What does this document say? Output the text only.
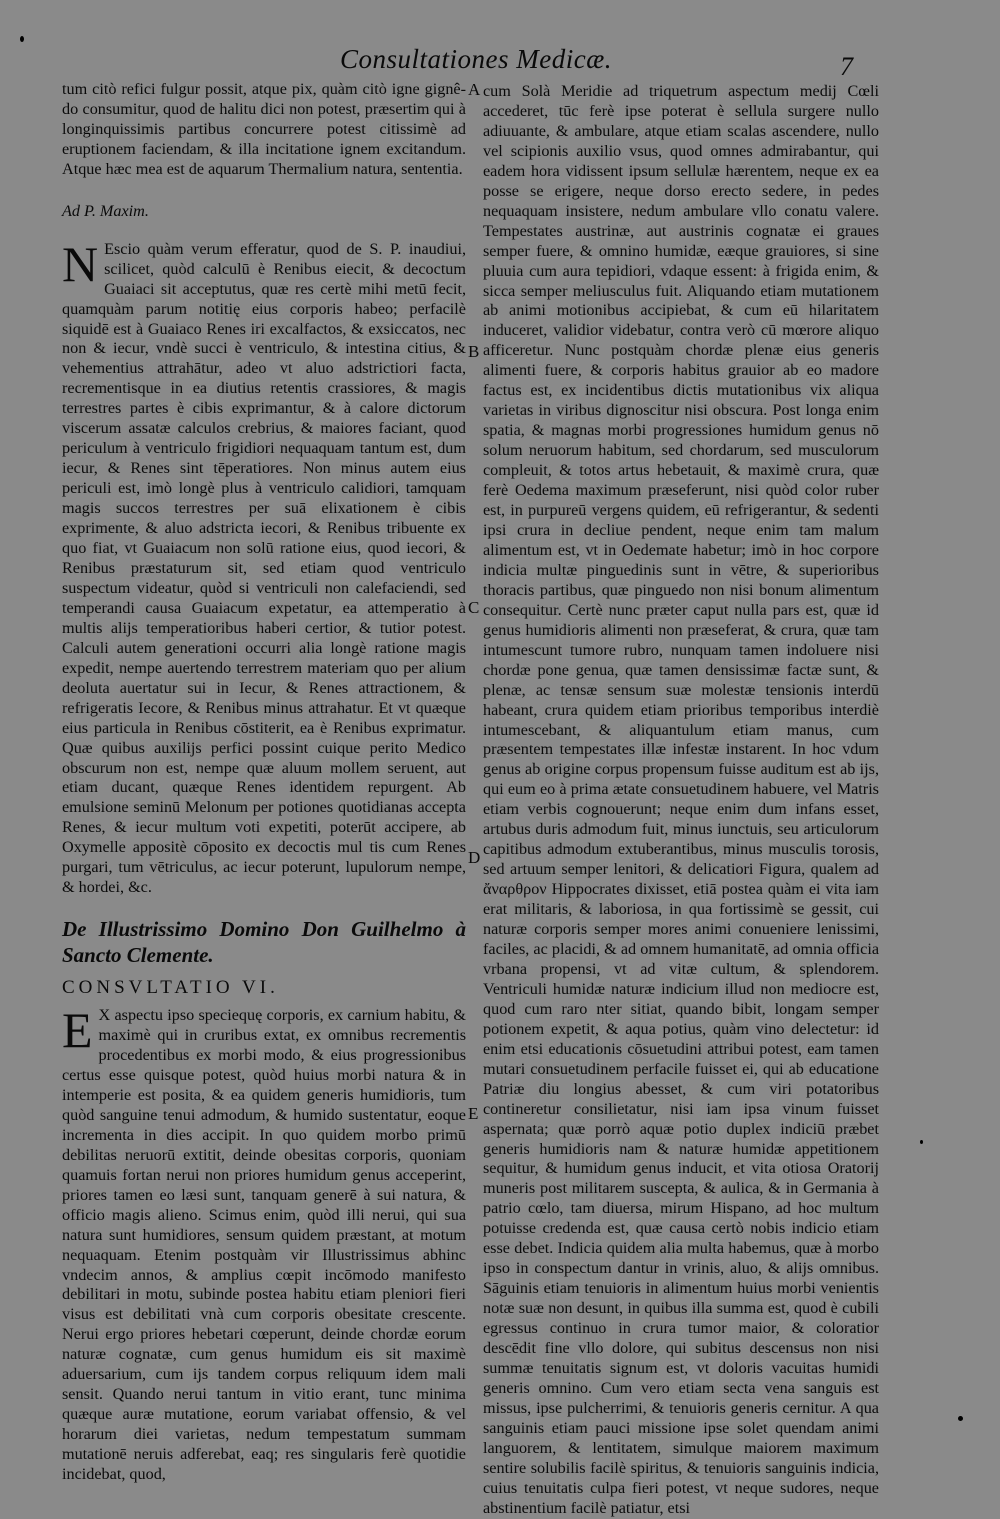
Consultationes Medicæ.	7
A
B
C
D
E

tum citò refici fulgur possit, atque pix, quàm citò igne gignê-do consumitur, quod de halitu dici non potest, præsertim qui à longinquissimis partibus concurrere potest citissimè ad eruptionem faciendam, & illa incitatione ignem excitandum. Atque hæc mea est de aquarum Thermalium natura, sententia.

Ad P. Maxim.

N Escio quàm verum efferatur, quod de S. P. inaudiui, scilicet, quòd calculū è Renibus eiecit, & decoctum Guaiaci sit acceptutus, quæ res certè mihi metū fecit, quamquàm parum notitię eius corporis habeo; perfacilè siquidē est à Guaiaco Renes iri excalfactos, & exsiccatos, nec non & iecur, vndè succi è ventriculo, & intestina citius, & vehementius attrahātur, adeo vt aluo adstrictiori facta, recrementisque in ea diutius retentis crassiores, & magis terrestres partes è cibis exprimantur, & à calore dictorum viscerum assatæ calculos crebrius, & maiores faciant, quod periculum à ventriculo frigidiori nequaquam tantum est, dum iecur, & Renes sint tēperatiores. Non minus autem eius periculi est, imò longè plus à ventriculo calidiori, tamquam magis succos terrestres per suā elixationem è cibis exprimente, & aluo adstricta iecori, & Renibus tribuente ex quo fiat, vt Guaiacum non solū ratione eius, quod iecori, & Renibus præstaturum sit, sed etiam quod ventriculo suspectum videatur, quòd si ventriculi non calefaciendi, sed temperandi causa Guaiacum expetatur, ea attemperatio à multis alijs temperatioribus haberi certior, & tutior potest. Calculi autem generationi occurri alia longè ratione magis expedit, nempe auertendo terrestrem materiam quo per alium deoluta auertatur sui in Iecur, & Renes attractionem, & refrigeratis Iecore, & Renibus minus attrahatur. Et vt quæque eius particula in Renibus cōstiterit, ea è Renibus exprimatur. Quæ quibus auxilijs perfici possint cuique perito Medico obscurum non est, nempe quæ aluum mollem seruent, aut etiam ducant, quæque Renes identidem repurgent. Ab emulsione seminū Melonum per potiones quotidianas accepta Renes, & iecur multum voti expetiti, poterūt accipere, ab Oxymelle appositè cōposito ex decoctis mul tis cum Renes purgari, tum vētriculus, ac iecur poterunt, lupulorum nempe, & hordei, &c.

De Illustrissimo Domino Don Guilhelmo à Sancto Clemente.

CONSVLTATIO VI.

E X aspectu ipso speciequę corporis, ex carnium habitu, & maximè qui in cruribus extat, ex omnibus recrementis procedentibus ex morbi modo, & eius progressionibus certus esse quisque potest, quòd huius morbi natura & in intemperie est posita, & ea quidem generis humidioris, tum quòd sanguine tenui admodum, & humido sustentatur, eoque incrementa in dies accipit. In quo quidem morbo primū debilitas neruorū extitit, deinde obesitas corporis, quoniam quamuis fortan nerui non priores humidum genus acceperint, priores tamen eo læsi sunt, tanquam generē à sui natura, & officio magis alieno. Scimus enim, quòd illi nerui, qui sua natura sunt humidiores, sensum quidem præstant, at motum nequaquam. Etenim postquàm vir Illustrissimus abhinc vndecim annos, & amplius cœpit incōmodo manifesto debilitari in motu, subinde postea habitu etiam pleniori fieri visus est debilitati vnà cum corporis obesitate crescente. Nerui ergo priores hebetari cœperunt, deinde chordæ eorum naturæ cognatæ, cum genus humidum eis sit maximè aduersarium, cum ijs tandem corpus reliquum idem mali sensit. Quando nerui tantum in vitio erant, tunc minima quæque auræ mutatione, eorum variabat offensio, & vel horarum diei varietas, nedum tempestatum summam mutationē neruis adferebat, eaq; res singularis ferè quotidie incidebat, quod,

cum Solà Meridie ad triquetrum aspectum medij Cœli accederet, tūc ferè ipse poterat è sellula surgere nullo adiuuante, & ambulare, atque etiam scalas ascendere, nullo vel scipionis auxilio vsus, quod omnes admirabantur, qui eadem hora vidissent ipsum sellulæ hærentem, neque ex ea posse se erigere, neque dorso erecto sedere, in pedes nequaquam insistere, nedum ambulare vllo conatu valere. Tempestates austrinæ, aut austrinis cognatæ ei graues semper fuere, & omnino humidæ, eæque grauiores, si sine pluuia cum aura tepidiori, vdaque essent: à frigida enim, & sicca semper meliusculus fuit. Aliquando etiam mutationem ab animi motionibus accipiebat, & cum eū hilaritatem induceret, validior videbatur, contra verò cū mœrore aliquo afficeretur. Nunc postquàm chordæ plenæ eius generis alimenti fuere, & corporis habitus grauior ab eo madore factus est, ex incidentibus dictis mutationibus vix aliqua varietas in viribus dignoscitur nisi obscura. Post longa enim spatia, & magnas morbi progressiones humidum genus nō solum neruorum habitum, sed chordarum, sed musculorum compleuit, & totos artus hebetauit, & maximè crura, quæ ferè Oedema maximum præseferunt, nisi quòd color ruber est, in purpureū vergens quidem, eū refrigerantur, & sedenti ipsi crura in decliue pendent, neque enim tam malum alimentum est, vt in Oedemate habetur; imò in hoc corpore indicia multæ pinguedinis sunt in vētre, & superioribus thoracis partibus, quæ pinguedo non nisi bonum alimentum consequitur. Certè nunc præter caput nulla pars est, quæ id genus humidioris alimenti non præseferat, & crura, quæ tam intumescunt tumore rubro, nunquam tamen indoluere nisi chordæ pone genua, quæ tamen densissimæ factæ sunt, & plenæ, ac tensæ sensum suæ molestæ tensionis interdū habeant, crura quidem etiam prioribus temporibus interdiè intumescebant, & aliquantulum etiam manus, cum præsentem tempestates illæ infestæ instarent. In hoc vdum genus ab origine corpus propensum fuisse auditum est ab ijs, qui eum eo à prima ætate consuetudinem habuere, vel Matris etiam verbis cognouerunt; neque enim dum infans esset, artubus duris admodum fuit, minus iunctuis, seu articulorum capitibus admodum extuberantibus, minus musculis torosis, sed artuum semper lenitori, & delicatiori Figura, qualem ad ἄναρθρον Hippocrates dixisset, etiā postea quàm ei vita iam erat militaris, & laboriosa, in qua fortissimè se gessit, cui naturæ corporis semper mores animi conueniere lenissimi, faciles, ac placidi, & ad omnem humanitatē, ad omnia officia vrbana propensi, vt ad vitæ cultum, & splendorem. Ventriculi humidæ naturæ indicium illud non mediocre est, quod cum raro nter sitiat, quando bibit, longam semper potionem expetit, & aqua potius, quàm vino delectetur: id enim etsi educationis cōsuetudini attribui potest, eam tamen mutari consuetudinem perfacile fuisset ei, qui ab educatione Patriæ diu longius abesset, & cum viri potatoribus contineretur consilietatur, nisi iam ipsa vinum fuisset aspernata; quæ porrò aquæ potio duplex indiciū præbet generis humidioris nam & naturæ humidæ appetitionem sequitur, & humidum genus inducit, et vita otiosa Oratorij muneris post militarem suscepta, & aulica, & in Germania à patrio cœlo, tam diuersa, mirum Hispano, ad hoc multum potuisse credenda est, quæ causa certò nobis indicio etiam esse debet. Indicia quidem alia multa habemus, quæ à morbo ipso in conspectum dantur in vrinis, aluo, & alijs omnibus. Sāguinis etiam tenuioris in alimentum huius morbi venientis notæ suæ non desunt, in quibus illa summa est, quod è cubili egressus continuo in crura tumor maior, & coloratior descēdit fine vllo dolore, qui subitus descensus non nisi summæ tenuitatis signum est, vt doloris vacuitas humidi generis omnino. Cum vero etiam secta vena sanguis est missus, ipse pulcherrimi, & tenuioris generis cernitur. A qua sanguinis etiam pauci missione ipse solet quendam animi languorem, & lentitatem, simulque maiorem maximum sentire solubilis facilè spiritus, & tenuioris sanguinis indicia, cuius tenuitatis culpa fieri potest, vt neque sudores, neque abstinentium facilè patiatur, etsi
